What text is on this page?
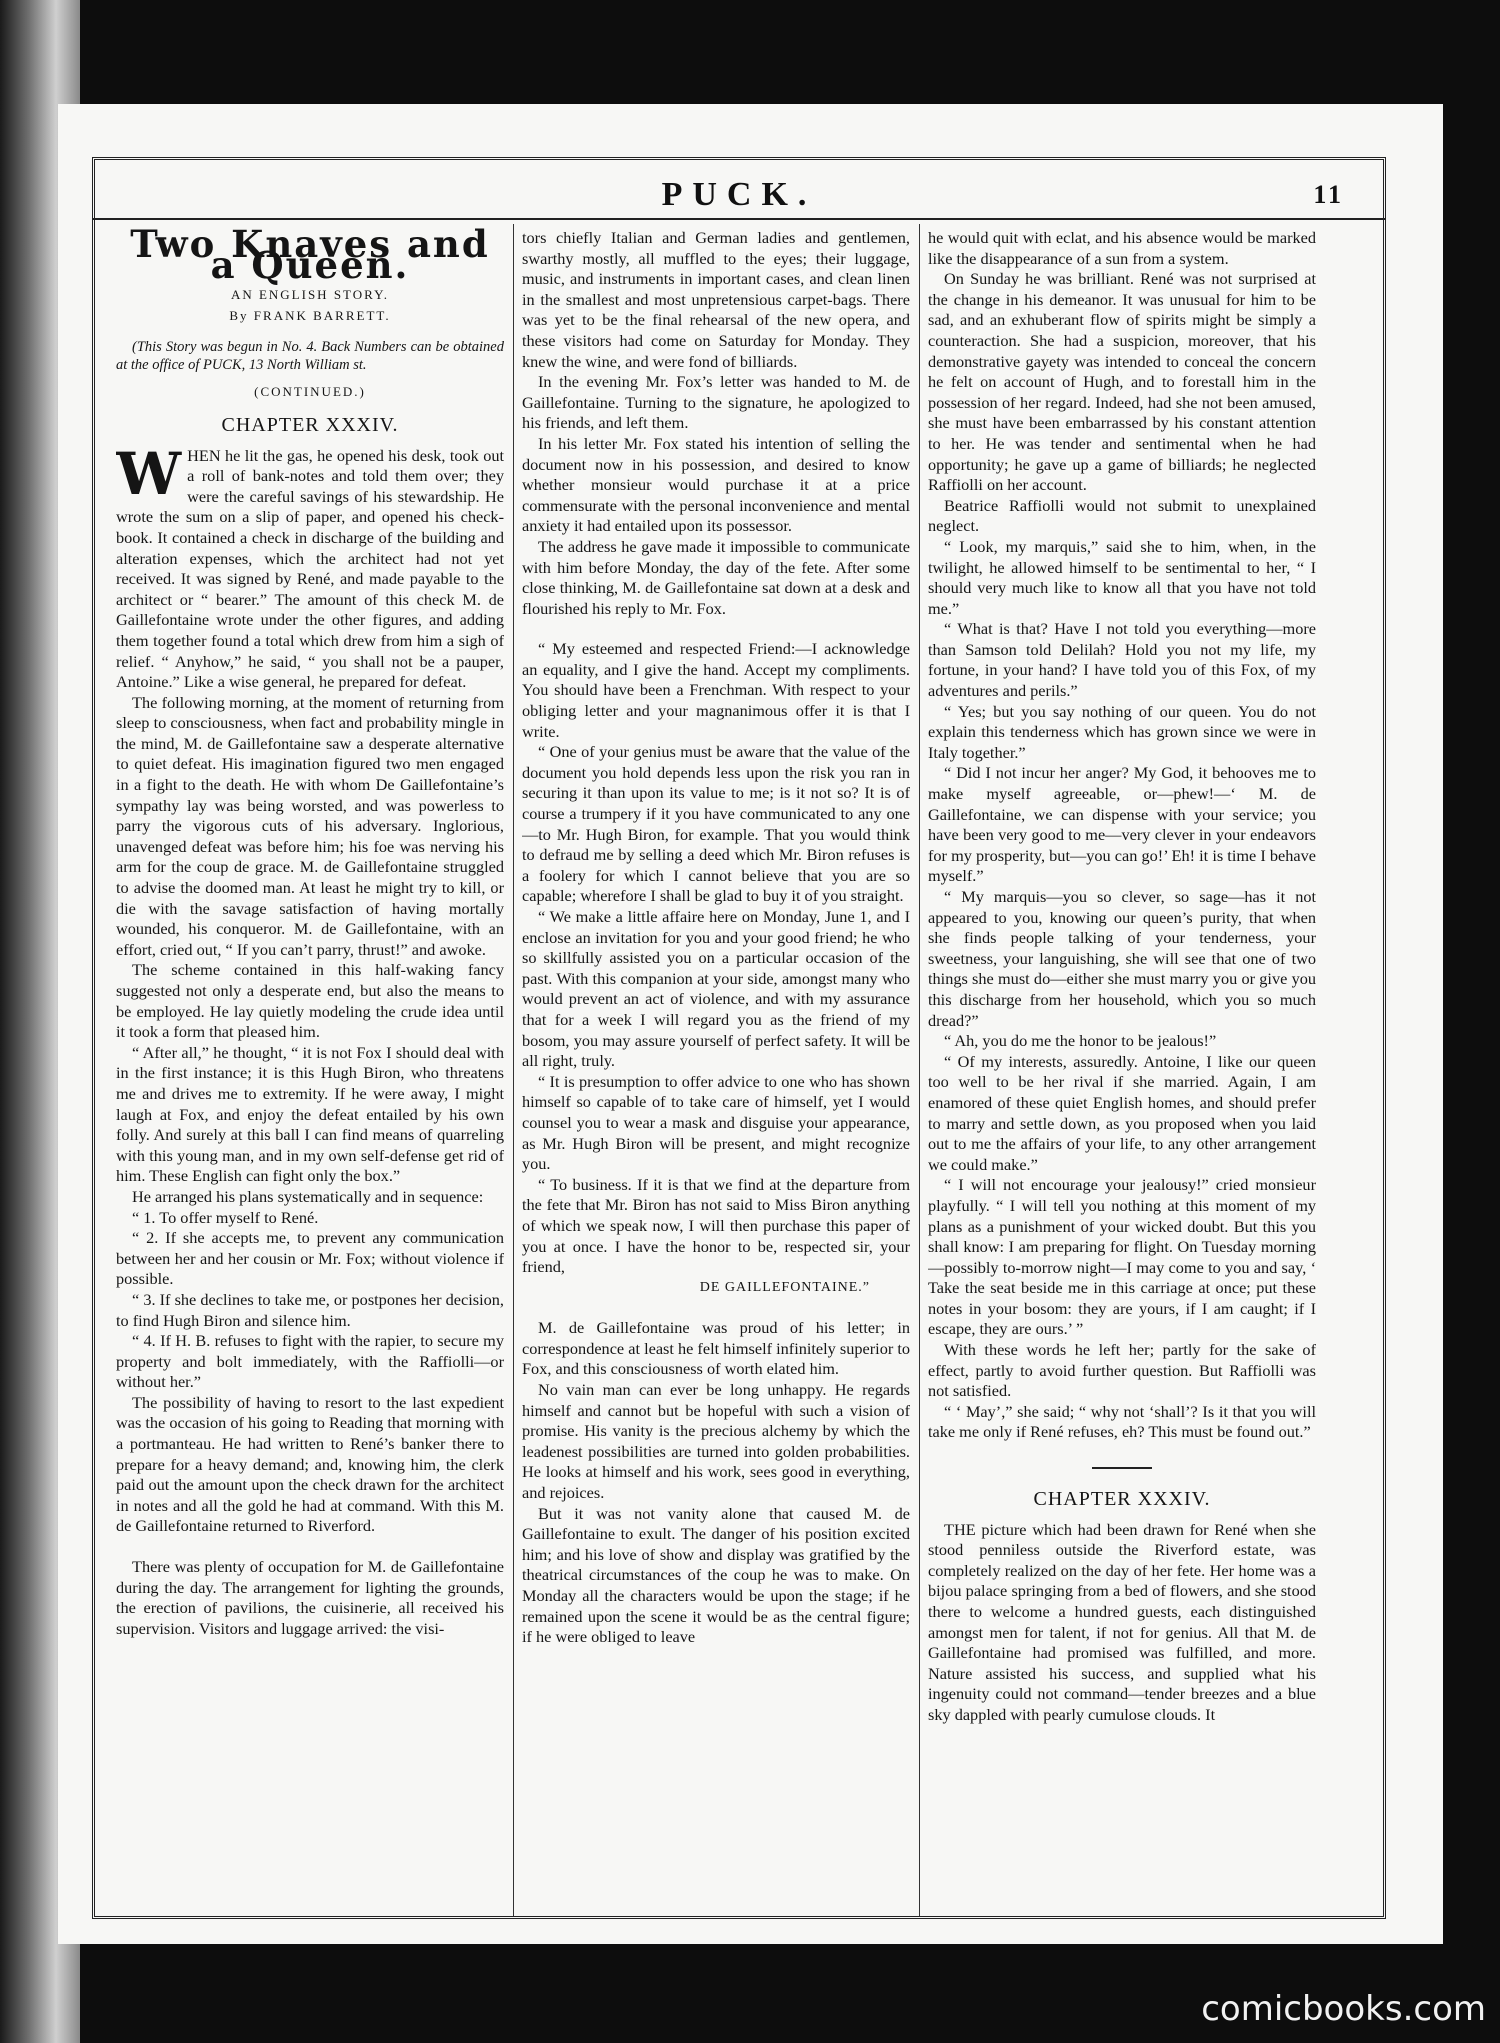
PUCK.	11
Two Knaves and a Queen.

AN ENGLISH STORY.

By FRANK BARRETT.

(This Story was begun in No. 4. Back Numbers can be obtained at the office of PUCK, 13 North William st.

(CONTINUED.)

CHAPTER XXXIV.

WHEN he lit the gas, he opened his desk, took out a roll of bank-notes and told them over; they were the careful savings of his stewardship. He wrote the sum on a slip of paper, and opened his check-book. It contained a check in discharge of the building and alteration expenses, which the architect had not yet received. It was signed by René, and made payable to the architect or “ bearer.” The amount of this check M. de Gaillefontaine wrote under the other figures, and adding them together found a total which drew from him a sigh of relief. “ Anyhow,” he said, “ you shall not be a pauper, Antoine.” Like a wise general, he prepared for defeat.

The following morning, at the moment of returning from sleep to consciousness, when fact and probability mingle in the mind, M. de Gaillefontaine saw a desperate alternative to quiet defeat. His imagination figured two men engaged in a fight to the death. He with whom De Gaillefontaine’s sympathy lay was being worsted, and was powerless to parry the vigorous cuts of his adversary. Inglorious, unavenged defeat was before him; his foe was nerving his arm for the coup de grace. M. de Gaillefontaine struggled to advise the doomed man. At least he might try to kill, or die with the savage satisfaction of having mortally wounded, his conqueror. M. de Gaillefontaine, with an effort, cried out, “ If you can’t parry, thrust!” and awoke.

The scheme contained in this half-waking fancy suggested not only a desperate end, but also the means to be employed. He lay quietly modeling the crude idea until it took a form that pleased him.

“ After all,” he thought, “ it is not Fox I should deal with in the first instance; it is this Hugh Biron, who threatens me and drives me to extremity. If he were away, I might laugh at Fox, and enjoy the defeat entailed by his own folly. And surely at this ball I can find means of quarreling with this young man, and in my own self-defense get rid of him. These English can fight only the box.”

He arranged his plans systematically and in sequence:

“ 1. To offer myself to René.

“ 2. If she accepts me, to prevent any communication between her and her cousin or Mr. Fox; without violence if possible.

“ 3. If she declines to take me, or postpones her decision, to find Hugh Biron and silence him.

“ 4. If H. B. refuses to fight with the rapier, to secure my property and bolt immediately, with the Raffiolli—or without her.”

The possibility of having to resort to the last expedient was the occasion of his going to Reading that morning with a portmanteau. He had written to René’s banker there to prepare for a heavy demand; and, knowing him, the clerk paid out the amount upon the check drawn for the architect in notes and all the gold he had at command. With this M. de Gaillefontaine returned to Riverford.

There was plenty of occupation for M. de Gaillefontaine during the day. The arrangement for lighting the grounds, the erection of pavilions, the cuisinerie, all received his supervision. Visitors and luggage arrived: the visi-

tors chiefly Italian and German ladies and gentlemen, swarthy mostly, all muffled to the eyes; their luggage, music, and instruments in important cases, and clean linen in the smallest and most unpretensious carpet-bags. There was yet to be the final rehearsal of the new opera, and these visitors had come on Saturday for Monday. They knew the wine, and were fond of billiards.

In the evening Mr. Fox’s letter was handed to M. de Gaillefontaine. Turning to the signature, he apologized to his friends, and left them.

In his letter Mr. Fox stated his intention of selling the document now in his possession, and desired to know whether monsieur would purchase it at a price commensurate with the personal inconvenience and mental anxiety it had entailed upon its possessor.

The address he gave made it impossible to communicate with him before Monday, the day of the fete. After some close thinking, M. de Gaillefontaine sat down at a desk and flourished his reply to Mr. Fox.

“ My esteemed and respected Friend:—I acknowledge an equality, and I give the hand. Accept my compliments. You should have been a Frenchman. With respect to your obliging letter and your magnanimous offer it is that I write.

“ One of your genius must be aware that the value of the document you hold depends less upon the risk you ran in securing it than upon its value to me; is it not so? It is of course a trumpery if it you have communicated to any one—to Mr. Hugh Biron, for example. That you would think to defraud me by selling a deed which Mr. Biron refuses is a foolery for which I cannot believe that you are so capable; wherefore I shall be glad to buy it of you straight.

“ We make a little affaire here on Monday, June 1, and I enclose an invitation for you and your good friend; he who so skillfully assisted you on a particular occasion of the past. With this companion at your side, amongst many who would prevent an act of violence, and with my assurance that for a week I will regard you as the friend of my bosom, you may assure yourself of perfect safety. It will be all right, truly.

“ It is presumption to offer advice to one who has shown himself so capable of to take care of himself, yet I would counsel you to wear a mask and disguise your appearance, as Mr. Hugh Biron will be present, and might recognize you.

“ To business. If it is that we find at the departure from the fete that Mr. Biron has not said to Miss Biron anything of which we speak now, I will then purchase this paper of you at once. I have the honor to be, respected sir, your friend,

DE GAILLEFONTAINE.”

M. de Gaillefontaine was proud of his letter; in correspondence at least he felt himself infinitely superior to Fox, and this consciousness of worth elated him.

No vain man can ever be long unhappy. He regards himself and cannot but be hopeful with such a vision of promise. His vanity is the precious alchemy by which the leadenest possibilities are turned into golden probabilities. He looks at himself and his work, sees good in everything, and rejoices.

But it was not vanity alone that caused M. de Gaillefontaine to exult. The danger of his position excited him; and his love of show and display was gratified by the theatrical circumstances of the coup he was to make. On Monday all the characters would be upon the stage; if he remained upon the scene it would be as the central figure; if he were obliged to leave

he would quit with eclat, and his absence would be marked like the disappearance of a sun from a system.

On Sunday he was brilliant. René was not surprised at the change in his demeanor. It was unusual for him to be sad, and an exhuberant flow of spirits might be simply a counteraction. She had a suspicion, moreover, that his demonstrative gayety was intended to conceal the concern he felt on account of Hugh, and to forestall him in the possession of her regard. Indeed, had she not been amused, she must have been embarrassed by his constant attention to her. He was tender and sentimental when he had opportunity; he gave up a game of billiards; he neglected Raffiolli on her account.

Beatrice Raffiolli would not submit to unexplained neglect.

“ Look, my marquis,” said she to him, when, in the twilight, he allowed himself to be sentimental to her, “ I should very much like to know all that you have not told me.”

“ What is that? Have I not told you everything—more than Samson told Delilah? Hold you not my life, my fortune, in your hand? I have told you of this Fox, of my adventures and perils.”

“ Yes; but you say nothing of our queen. You do not explain this tenderness which has grown since we were in Italy together.”

“ Did I not incur her anger? My God, it behooves me to make myself agreeable, or—phew!—‘ M. de Gaillefontaine, we can dispense with your service; you have been very good to me—very clever in your endeavors for my prosperity, but—you can go!’ Eh! it is time I behave myself.”

“ My marquis—you so clever, so sage—has it not appeared to you, knowing our queen’s purity, that when she finds people talking of your tenderness, your sweetness, your languishing, she will see that one of two things she must do—either she must marry you or give you this discharge from her household, which you so much dread?”

“ Ah, you do me the honor to be jealous!”

“ Of my interests, assuredly. Antoine, I like our queen too well to be her rival if she married. Again, I am enamored of these quiet English homes, and should prefer to marry and settle down, as you proposed when you laid out to me the affairs of your life, to any other arrangement we could make.”

“ I will not encourage your jealousy!” cried monsieur playfully. “ I will tell you nothing at this moment of my plans as a punishment of your wicked doubt. But this you shall know: I am preparing for flight. On Tuesday morning—possibly to-morrow night—I may come to you and say, ‘ Take the seat beside me in this carriage at once; put these notes in your bosom: they are yours, if I am caught; if I escape, they are ours.’ ”

With these words he left her; partly for the sake of effect, partly to avoid further question. But Raffiolli was not satisfied.

“ ‘ May’,” she said; “ why not ‘shall’? Is it that you will take me only if René refuses, eh? This must be found out.”

CHAPTER XXXIV.

THE picture which had been drawn for René when she stood penniless outside the Riverford estate, was completely realized on the day of her fete. Her home was a bijou palace springing from a bed of flowers, and she stood there to welcome a hundred guests, each distinguished amongst men for talent, if not for genius. All that M. de Gaillefontaine had promised was fulfilled, and more. Nature assisted his success, and supplied what his ingenuity could not command—tender breezes and a blue sky dappled with pearly cumulose clouds. It

comicbooks.com
